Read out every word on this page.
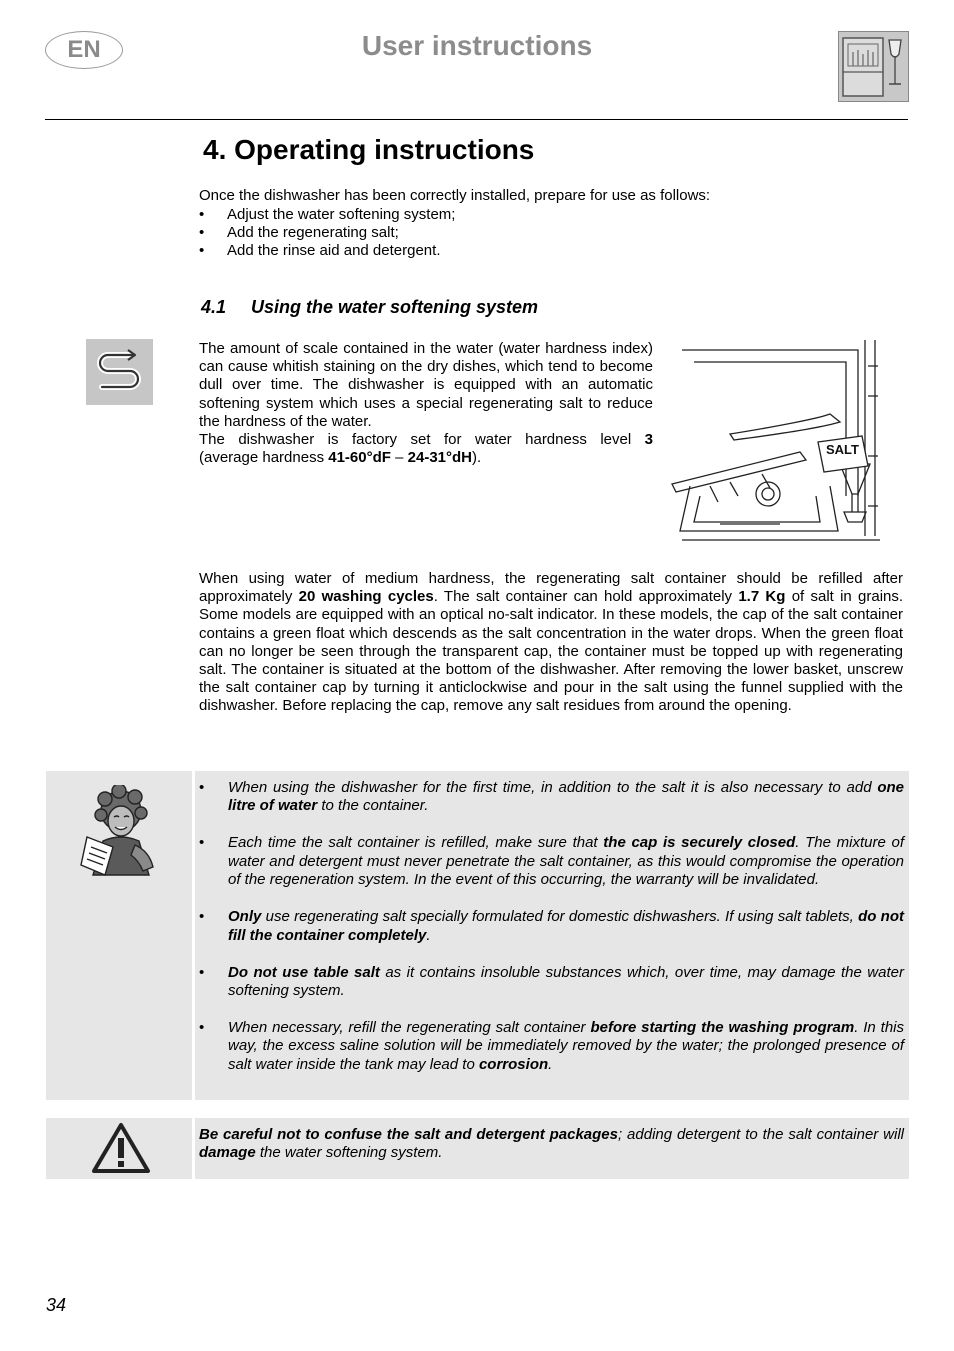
EN	User instructions
4. Operating instructions
Once the dishwasher has been correctly installed, prepare for use as follows:
• Adjust the water softening system;
• Add the regenerating salt;
• Add the rinse aid and detergent.
4.1 Using the water softening system
The amount of scale contained in the water (water hardness index) can cause whitish staining on the dry dishes, which tend to become dull over time. The dishwasher is equipped with an automatic softening system which uses a special regenerating salt to reduce the hardness of the water.
The dishwasher is factory set for water hardness level 3
(average hardness 41-60°dF – 24-31°dH).	SALT
When using water of medium hardness, the regenerating salt container should be refilled after approximately 20 washing cycles. The salt container can hold approximately 1.7 Kg of salt in grains. Some models are equipped with an optical no-salt indicator. In these models, the cap of the salt container contains a green float which descends as the salt concentration in the water drops. When the green float can no longer be seen through the transparent cap, the container must be topped up with regenerating salt. The container is situated at the bottom of the dishwasher. After removing the lower basket, unscrew the salt container cap by turning it anticlockwise and pour in the salt using the funnel supplied with the dishwasher. Before replacing the cap, remove any salt residues from around the opening.
• When using the dishwasher for the first time, in addition to the salt it is also necessary to add one litre of water to the container.
• Each time the salt container is refilled, make sure that the cap is securely closed. The mixture of water and detergent must never penetrate the salt container, as this would compromise the operation of the regeneration system. In the event of this occurring, the warranty will be invalidated.
• Only use regenerating salt specially formulated for domestic dishwashers. If using salt tablets, do not fill the container completely.
• Do not use table salt as it contains insoluble substances which, over time, may damage the water softening system.
• When necessary, refill the regenerating salt container before starting the washing program. In this way, the excess saline solution will be immediately removed by the water; the prolonged presence of salt water inside the tank may lead to corrosion.
Be careful not to confuse the salt and detergent packages; adding detergent to the salt container will damage the water softening system.
34
